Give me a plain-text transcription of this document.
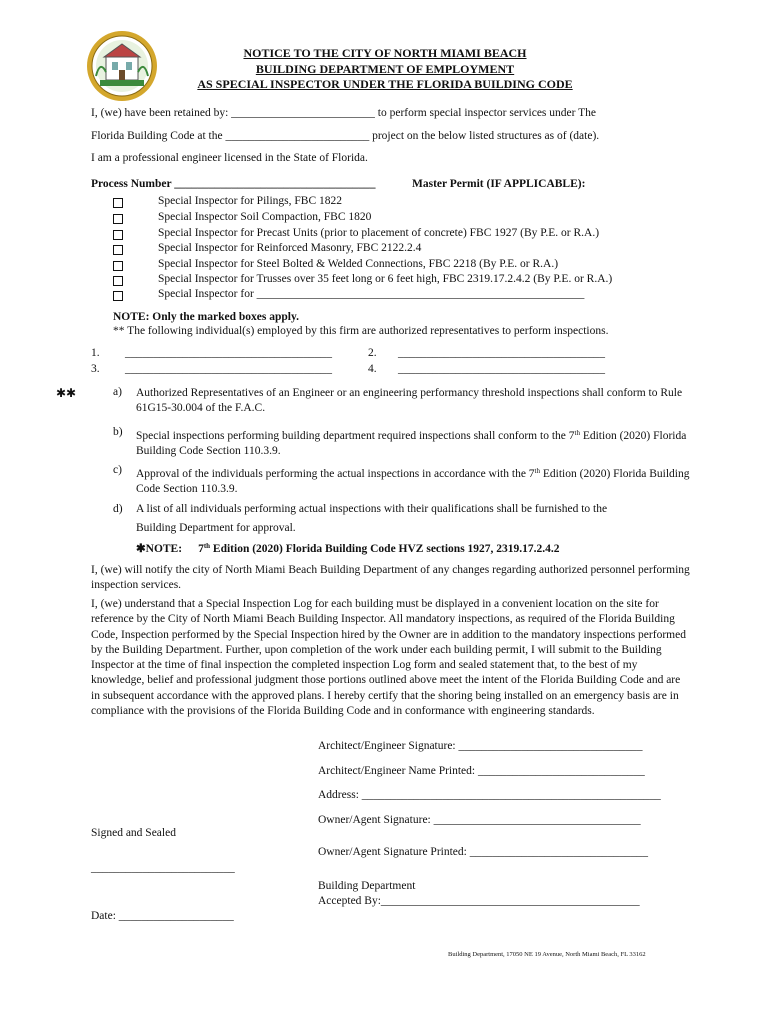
NOTICE TO THE CITY OF NORTH MIAMI BEACH
BUILDING DEPARTMENT OF EMPLOYMENT
AS SPECIAL INSPECTOR UNDER THE FLORIDA BUILDING CODE
I, (we) have been retained by: _________________________ to perform special inspector services under The
Florida Building Code at the _________________________ project on the below listed structures as of (date).
I am a professional engineer licensed in the State of Florida.
Process Number ___________________________________	Master Permit (IF APPLICABLE):
Special Inspector for Pilings, FBC 1822
Special Inspector Soil Compaction, FBC 1820
Special Inspector for Precast Units (prior to placement of concrete) FBC 1927 (By P.E. or R.A.)
Special Inspector for Reinforced Masonry, FBC 2122.2.4
Special Inspector for Steel Bolted & Welded Connections, FBC 2218 (By P.E. or R.A.)
Special Inspector for Trusses over 35 feet long or 6 feet high, FBC 2319.17.2.4.2 (By P.E. or R.A.)
Special Inspector for _________________________________________________________
NOTE: Only the marked boxes apply.
** The following individual(s) employed by this firm are authorized representatives to perform inspections.
1. ____________________________________	2. ____________________________________
3. ____________________________________	4. ____________________________________
✱✱	a) Authorized Representatives of an Engineer or an engineering performancy threshold inspections shall conform to Rule 61G15-30.004 of the F.A.C.
b) Special inspections performing building department required inspections shall conform to the 7th Edition (2020) Florida Building Code Section 110.3.9.
c) Approval of the individuals performing the actual inspections in accordance with the 7th Edition (2020) Florida Building Code Section 110.3.9.
d) A list of all individuals performing actual inspections with their qualifications shall be furnished to the
Building Department for approval.
✱NOTE: 7th Edition (2020) Florida Building Code HVZ sections 1927, 2319.17.2.4.2
I, (we) will notify the city of North Miami Beach Building Department of any changes regarding authorized personnel performing inspection services.
I, (we) understand that a Special Inspection Log for each building must be displayed in a convenient location on the site for reference by the City of North Miami Beach Building Inspector. All mandatory inspections, as required of the Florida Building Code, Inspection performed by the Special Inspection hired by the Owner are in addition to the mandatory inspections performed by the Building Department. Further, upon completion of the work under each building permit, I will submit to the Building Inspector at the time of final inspection the completed inspection Log form and sealed statement that, to the best of my knowledge, belief and professional judgment those portions outlined above meet the intent of the Florida Building Code and are in subsequent accordance with the approved plans. I hereby certify that the shoring being installed on an emergency basis are in compliance with the provisions of the Florida Building Code and in conformance with engineering standards.
Architect/Engineer Signature: ________________________________
Architect/Engineer Name Printed: _____________________________
Address: ____________________________________________________
Owner/Agent Signature: ____________________________________
Signed and Sealed
Owner/Agent Signature Printed: _______________________________
_________________________
Building Department
Accepted By:_____________________________________________
Date: ____________________
Building Department, 17050 NE 19 Avenue, North Miami Beach, FL 33162
